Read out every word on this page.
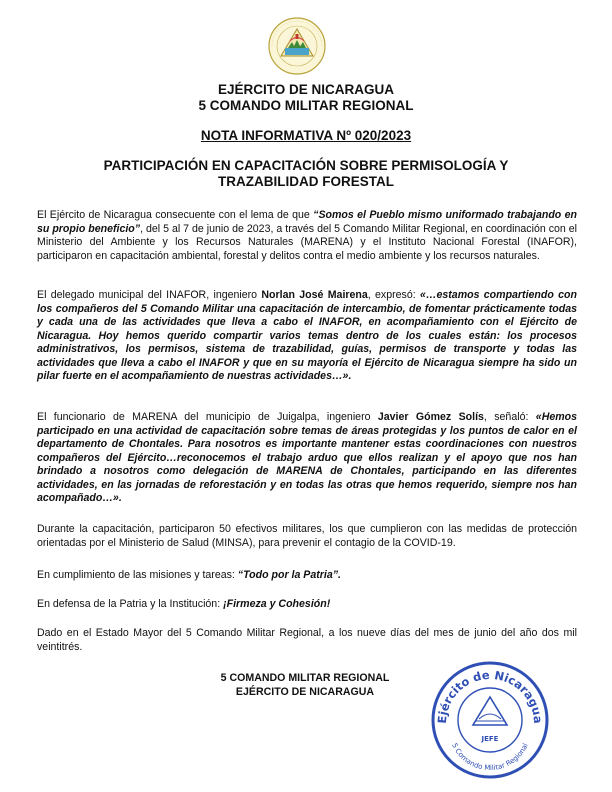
EJÉRCITO DE NICARAGUA
5 COMANDO MILITAR REGIONAL
NOTA INFORMATIVA Nº 020/2023
PARTICIPACIÓN EN CAPACITACIÓN SOBRE PERMISOLOGÍA Y TRAZABILIDAD FORESTAL
El Ejército de Nicaragua consecuente con el lema de que “Somos el Pueblo mismo uniformado trabajando en su propio beneficio”, del 5 al 7 de junio de 2023, a través del 5 Comando Militar Regional, en coordinación con el Ministerio del Ambiente y los Recursos Naturales (MARENA) y el Instituto Nacional Forestal (INAFOR), participaron en capacitación ambiental, forestal y delitos contra el medio ambiente y los recursos naturales.
El delegado municipal del INAFOR, ingeniero Norlan José Mairena, expresó: «…estamos compartiendo con los compañeros del 5 Comando Militar una capacitación de intercambio, de fomentar prácticamente todas y cada una de las actividades que lleva a cabo el INAFOR, en acompañamiento con el Ejército de Nicaragua. Hoy hemos querido compartir varios temas dentro de los cuales están: los procesos administrativos, los permisos, sistema de trazabilidad, guías, permisos de transporte y todas las actividades que lleva a cabo el INAFOR y que en su mayoría el Ejército de Nicaragua siempre ha sido un pilar fuerte en el acompañamiento de nuestras actividades…».
El funcionario de MARENA del municipio de Juigalpa, ingeniero Javier Gómez Solís, señaló: «Hemos participado en una actividad de capacitación sobre temas de áreas protegidas y los puntos de calor en el departamento de Chontales. Para nosotros es importante mantener estas coordinaciones con nuestros compañeros del Ejército…reconocemos el trabajo arduo que ellos realizan y el apoyo que nos han brindado a nosotros como delegación de MARENA de Chontales, participando en las diferentes actividades, en las jornadas de reforestación y en todas las otras que hemos requerido, siempre nos han acompañado…».
Durante la capacitación, participaron 50 efectivos militares, los que cumplieron con las medidas de protección orientadas por el Ministerio de Salud (MINSA), para prevenir el contagio de la COVID-19.
En cumplimiento de las misiones y tareas: “Todo por la Patria”.
En defensa de la Patria y la Institución: ¡Firmeza y Cohesión!
Dado en el Estado Mayor del 5 Comando Militar Regional, a los nueve días del mes de junio del año dos mil veintitrés.
5 COMANDO MILITAR REGIONAL
EJÉRCITO DE NICARAGUA
Ejército de Nicaragua
5 Comando Militar Regional
JEFE
